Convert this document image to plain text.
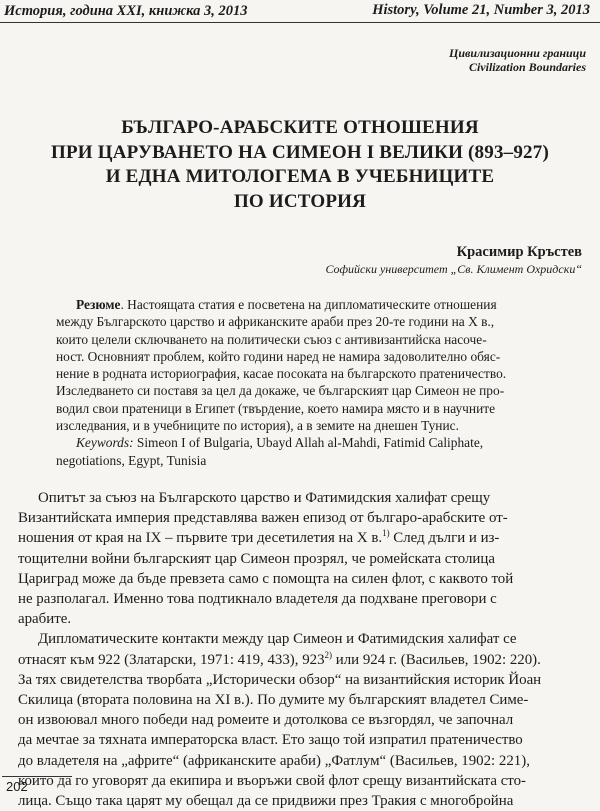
История, година XXI, книжка 3, 2013	History, Volume 21, Number 3, 2013
Цивилизационни граници
Civilization Boundaries
БЪЛГАРО-АРАБСКИТЕ ОТНОШЕНИЯ
ПРИ ЦАРУВАНЕТО НА СИМЕОН І ВЕЛИКИ (893–927)
И ЕДНА МИТОЛОГЕМА В УЧЕБНИЦИТЕ
ПО ИСТОРИЯ
Красимир Кръстев
Софийски университет „Св. Климент Охридски“
Резюме. Настоящата статия е посветена на дипломатическите отношения
между Българското царство и африканските араби през 20-те години на Х в.,
които целели сключването на политически съюз с антивизантийска насоче-
ност. Основният проблем, който години наред не намира задоволително обяс-
нение в родната историография, касае посоката на българското пратеничество.
Изследването си поставя за цел да докаже, че българският цар Симеон не про-
водил свои пратеници в Египет (твърдение, което намира място и в научните
изследвания, и в учебниците по история), а в земите на днешен Тунис.
Keywords: Simeon I of Bulgaria, Ubayd Allah al-Mahdi, Fatimid Caliphate,
negotiations, Egypt, Tunisia
Опитът за съюз на Българското царство и Фатимидския халифат срещу
Византийската империя представлява важен епизод от българо-арабските от-
ношения от края на IX – първите три десетилетия на Х в.$^{1)}$ След дълги и из-
тощителни войни българският цар Симеон прозрял, че ромейската столица
Цариград може да бъде превзета само с помощта на силен флот, с каквото той
не разполагал. Именно това подтикнало владетеля да подхване преговори с
арабите.
Дипломатическите контакти между цар Симеон и Фатимидския халифат се
отнасят към 922 (Златарски, 1971: 419, 433), 923$^{2)}$ или 924 г. (Васильев, 1902: 220).
За тях свидетелства творбата „Исторически обзор“ на византийския историк Йоан
Скилица (втората половина на XI в.). По думите му българският владетел Симе-
он извоювал много победи над ромеите и дотолкова се възгордял, че започнал
да мечтае за тяхната императорска власт. Ето защо той изпратил пратеничество
до владетеля на „африте“ (африканските араби) „Фатлум“ (Васильев, 1902: 221),
които да го уговорят да екипира и въоръжи свой флот срещу византийската сто-
лица. Също така царят му обещал да се придвижи през Тракия с многобройна
202
